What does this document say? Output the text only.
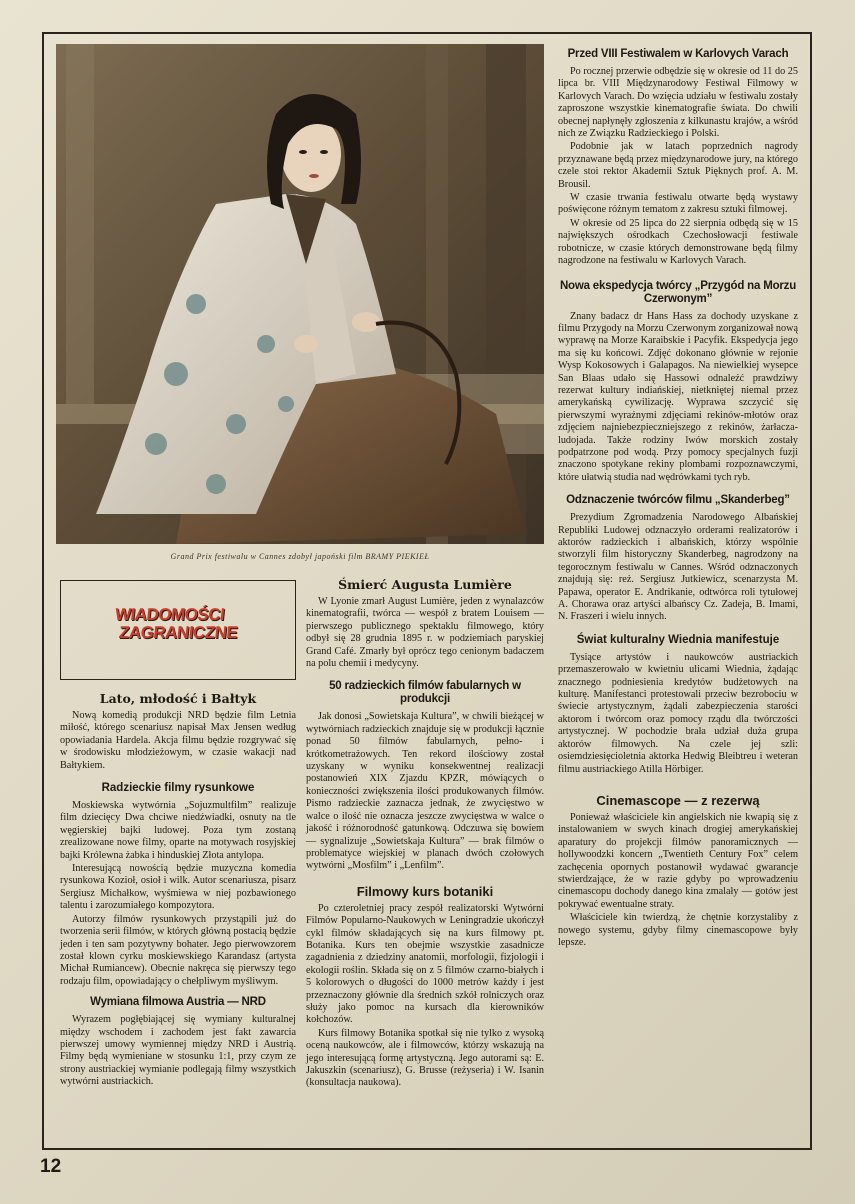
Grand Prix festiwalu w Cannes zdobył japoński film BRAMY PIEKIEŁ
WIADOMOŚCI
ZAGRANICZNE
Lato, młodość i Bałtyk

Nową komedią produkcji NRD będzie film Letnia miłość, którego scenariusz napisał Max Jensen według opowiadania Hardela. Akcja filmu będzie rozgrywać się w środowisku młodzieżowym, w czasie wakacji nad Bałtykiem.

Radzieckie filmy rysunkowe

Moskiewska wytwórnia „Sojuzmultfilm” realizuje film dziecięcy Dwa chciwe niedźwiadki, osnuty na tle węgierskiej bajki ludowej. Poza tym zostaną zrealizowane nowe filmy, oparte na motywach rosyjskiej bajki Królewna żabka i hinduskiej Złota antylopa.

Interesującą nowością będzie muzyczna komedia rysunkowa Kozioł, osioł i wilk. Autor scenariusza, pisarz Sergiusz Michałkow, wyśmiewa w niej pozbawionego talentu i zarozumiałego kompozytora.

Autorzy filmów rysunkowych przystąpili już do tworzenia serii filmów, w których główną postacią będzie jeden i ten sam pozytywny bohater. Jego pierwowzorem został klown cyrku moskiewskiego Karandasz (artysta Michał Rumiancew). Obecnie nakręca się pierwszy tego rodzaju film, opowiadający o chełpliwym myśliwym.

Wymiana filmowa Austria — NRD

Wyrazem pogłębiającej się wymiany kulturalnej między wschodem i zachodem jest fakt zawarcia pierwszej umowy wymiennej między NRD i Austrią. Filmy będą wymieniane w stosunku 1:1, przy czym ze strony austriackiej wymianie podlegają filmy wszystkich wytwórni austriackich.

Śmierć Augusta Lumière

W Lyonie zmarł August Lumière, jeden z wynalazców kinematografii, twórca — wespół z bratem Louisem — pierwszego publicznego spektaklu filmowego, który odbył się 28 grudnia 1895 r. w podziemiach paryskiej Grand Café. Zmarły był oprócz tego cenionym badaczem na polu chemii i medycyny.

50 radzieckich filmów fabularnych w produkcji

Jak donosi „Sowietskaja Kultura”, w chwili bieżącej w wytwórniach radzieckich znajduje się w produkcji łącznie ponad 50 filmów fabularnych, pełno- i krótkometrażowych. Ten rekord ilościowy został uzyskany w wyniku konsekwentnej realizacji postanowień XIX Zjazdu KPZR, mówiących o konieczności zwiększenia ilości produkowanych filmów. Pismo radzieckie zaznacza jednak, że zwycięstwo w walce o ilość nie oznacza jeszcze zwycięstwa w walce o jakość i różnorodność gatunkową. Odczuwa się bowiem — sygnalizuje „Sowietskaja Kultura” — brak filmów o problematyce wiejskiej w planach dwóch czołowych wytwórni „Mosfilm” i „Lenfilm”.

Filmowy kurs botaniki

Po czteroletniej pracy zespół realizatorski Wytwórni Filmów Popularno-Naukowych w Leningradzie ukończył cykl filmów składających się na kurs filmowy pt. Botanika. Kurs ten obejmie wszystkie zasadnicze zagadnienia z dziedziny anatomii, morfologii, fizjologii i ekologii roślin. Składa się on z 5 filmów czarno-białych i 5 kolorowych o długości do 1000 metrów każdy i jest przeznaczony głównie dla średnich szkół rolniczych oraz służy jako pomoc na kursach dla kierowników kołchozów.

Kurs filmowy Botanika spotkał się nie tylko z wysoką oceną naukowców, ale i filmowców, którzy wskazują na jego interesującą formę artystyczną. Jego autorami są: E. Jakuszkin (scenariusz), G. Brusse (reżyseria) i W. Isanin (konsultacja naukowa).

Przed VIII Festiwalem w Karlovych Varach

Po rocznej przerwie odbędzie się w okresie od 11 do 25 lipca br. VIII Międzynarodowy Festiwal Filmowy w Karlovych Varach. Do wzięcia udziału w festiwalu zostały zaproszone wszystkie kinematografie świata. Do chwili obecnej napłynęły zgłoszenia z kilkunastu krajów, a wśród nich ze Związku Radzieckiego i Polski.

Podobnie jak w latach poprzednich nagrody przyznawane będą przez międzynarodowe jury, na którego czele stoi rektor Akademii Sztuk Pięknych prof. A. M. Brousil.

W czasie trwania festiwalu otwarte będą wystawy poświęcone różnym tematom z zakresu sztuki filmowej.

W okresie od 25 lipca do 22 sierpnia odbędą się w 15 największych ośrodkach Czechosłowacji festiwale robotnicze, w czasie których demonstrowane będą filmy nagrodzone na festiwalu w Karlovych Varach.

Nowa ekspedycja twórcy „Przygód na Morzu Czerwonym”

Znany badacz dr Hans Hass za dochody uzyskane z filmu Przygody na Morzu Czerwonym zorganizował nową wyprawę na Morze Karaibskie i Pacyfik. Ekspedycja jego ma się ku końcowi. Zdjęć dokonano głównie w rejonie Wysp Kokosowych i Galapagos. Na niewielkiej wysepce San Blaas udało się Hassowi odnaleźć prawdziwy rezerwat kultury indiańskiej, nietkniętej niemal przez amerykańską cywilizację. Wyprawa szczycić się pierwszymi wyraźnymi zdjęciami rekinów-młotów oraz zdjęciem najniebezpieczniejszego z rekinów, żarłacza-ludojada. Także rodziny lwów morskich zostały podpatrzone pod wodą. Przy pomocy specjalnych fuzji znaczono spotykane rekiny plombami rozpoznawczymi, które ułatwią studia nad wędrówkami tych ryb.

Odznaczenie twórców filmu „Skanderbeg”

Prezydium Zgromadzenia Narodowego Albańskiej Republiki Ludowej odznaczyło orderami realizatorów i aktorów radzieckich i albańskich, którzy wspólnie stworzyli film historyczny Skanderbeg, nagrodzony na tegorocznym festiwalu w Cannes. Wśród odznaczonych znajdują się: reż. Sergiusz Jutkiewicz, scenarzysta M. Papawa, operator E. Andrikanie, odtwórca roli tytułowej A. Chorawa oraz artyści albańscy Cz. Zadeja, B. Imami, N. Fraszeri i wielu innych.

Świat kulturalny Wiednia manifestuje

Tysiące artystów i naukowców austriackich przemaszerowało w kwietniu ulicami Wiednia, żądając znacznego podniesienia kredytów budżetowych na kulturę. Manifestanci protestowali przeciw bezrobociu w świecie artystycznym, żądali zabezpieczenia starości aktorom i twórcom oraz pomocy rządu dla twórczości artystycznej. W pochodzie brała udział duża grupa aktorów filmowych. Na czele jej szli: osiemdziesięcioletnia aktorka Hedwig Bleibtreu i weteran filmu austriackiego Atilla Hörbiger.

Cinemascope — z rezerwą

Ponieważ właściciele kin angielskich nie kwapią się z instalowaniem w swych kinach drogiej amerykańskiej aparatury do projekcji filmów panoramicznych — hollywoodzki koncern „Twentieth Century Fox” celem zachęcenia opornych postanowił wydawać gwarancje stwierdzające, że w razie gdyby po wprowadzeniu cinemascopu dochody danego kina zmalały — gotów jest pokrywać ewentualne straty.

Właściciele kin twierdzą, że chętnie korzystaliby z nowego systemu, gdyby filmy cinemascopowe były lepsze.

12
